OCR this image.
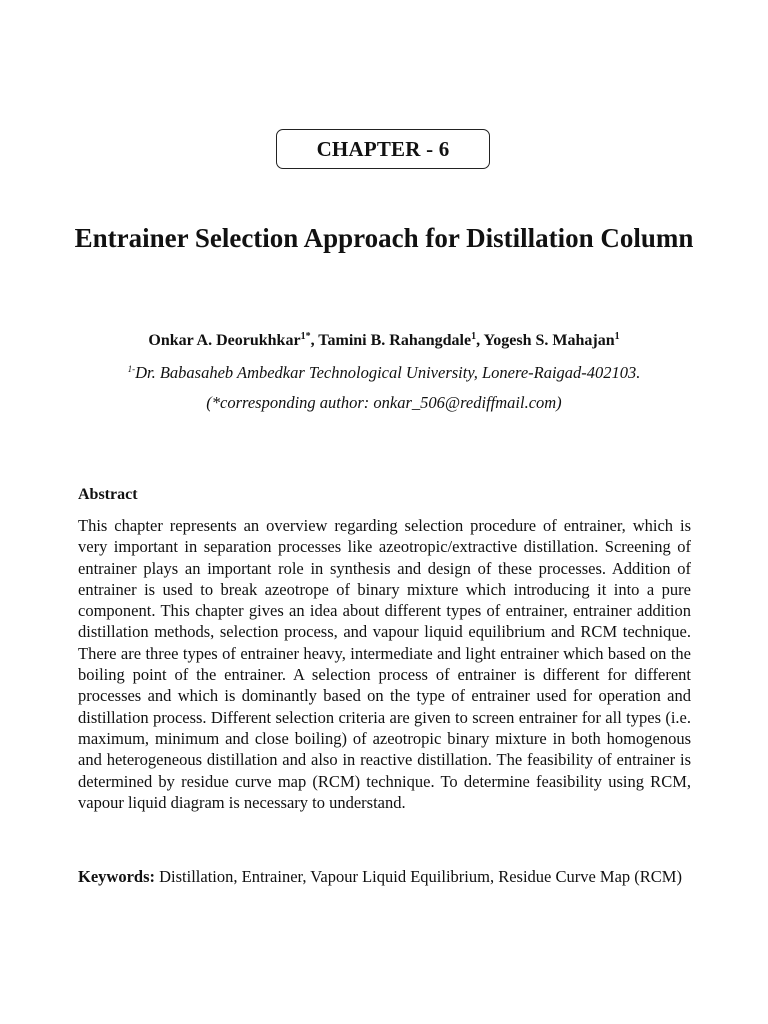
CHAPTER - 6
Entrainer Selection Approach for Distillation Column
Onkar A. Deorukhkar$^{1*}$, Tamini B. Rahangdale$^1$, Yogesh S. Mahajan$^1$
$^{1-}$Dr. Babasaheb Ambedkar Technological University, Lonere-Raigad-402103.
(*corresponding author: onkar_506@rediffmail.com)
Abstract

This chapter represents an overview regarding selection procedure of entrainer, which is very important in separation processes like azeotropic/extractive distillation. Screening of entrainer plays an important role in synthesis and design of these processes. Addition of entrainer is used to break azeotrope of binary mixture which introducing it into a pure component. This chapter gives an idea about different types of entrainer, entrainer addition distillation methods, selection process, and vapour liquid equilibrium and RCM technique. There are three types of entrainer heavy, intermediate and light entrainer which based on the boiling point of the entrainer. A selection process of entrainer is different for different processes and which is dominantly based on the type of entrainer used for operation and distillation process. Different selection criteria are given to screen entrainer for all types (i.e. maximum, minimum and close boiling) of azeotropic binary mixture in both homogenous and heterogeneous distillation and also in reactive distillation. The feasibility of entrainer is determined by residue curve map (RCM) technique. To determine feasibility using RCM, vapour liquid diagram is necessary to understand.

Keywords: Distillation, Entrainer, Vapour Liquid Equilibrium, Residue Curve Map (RCM)
